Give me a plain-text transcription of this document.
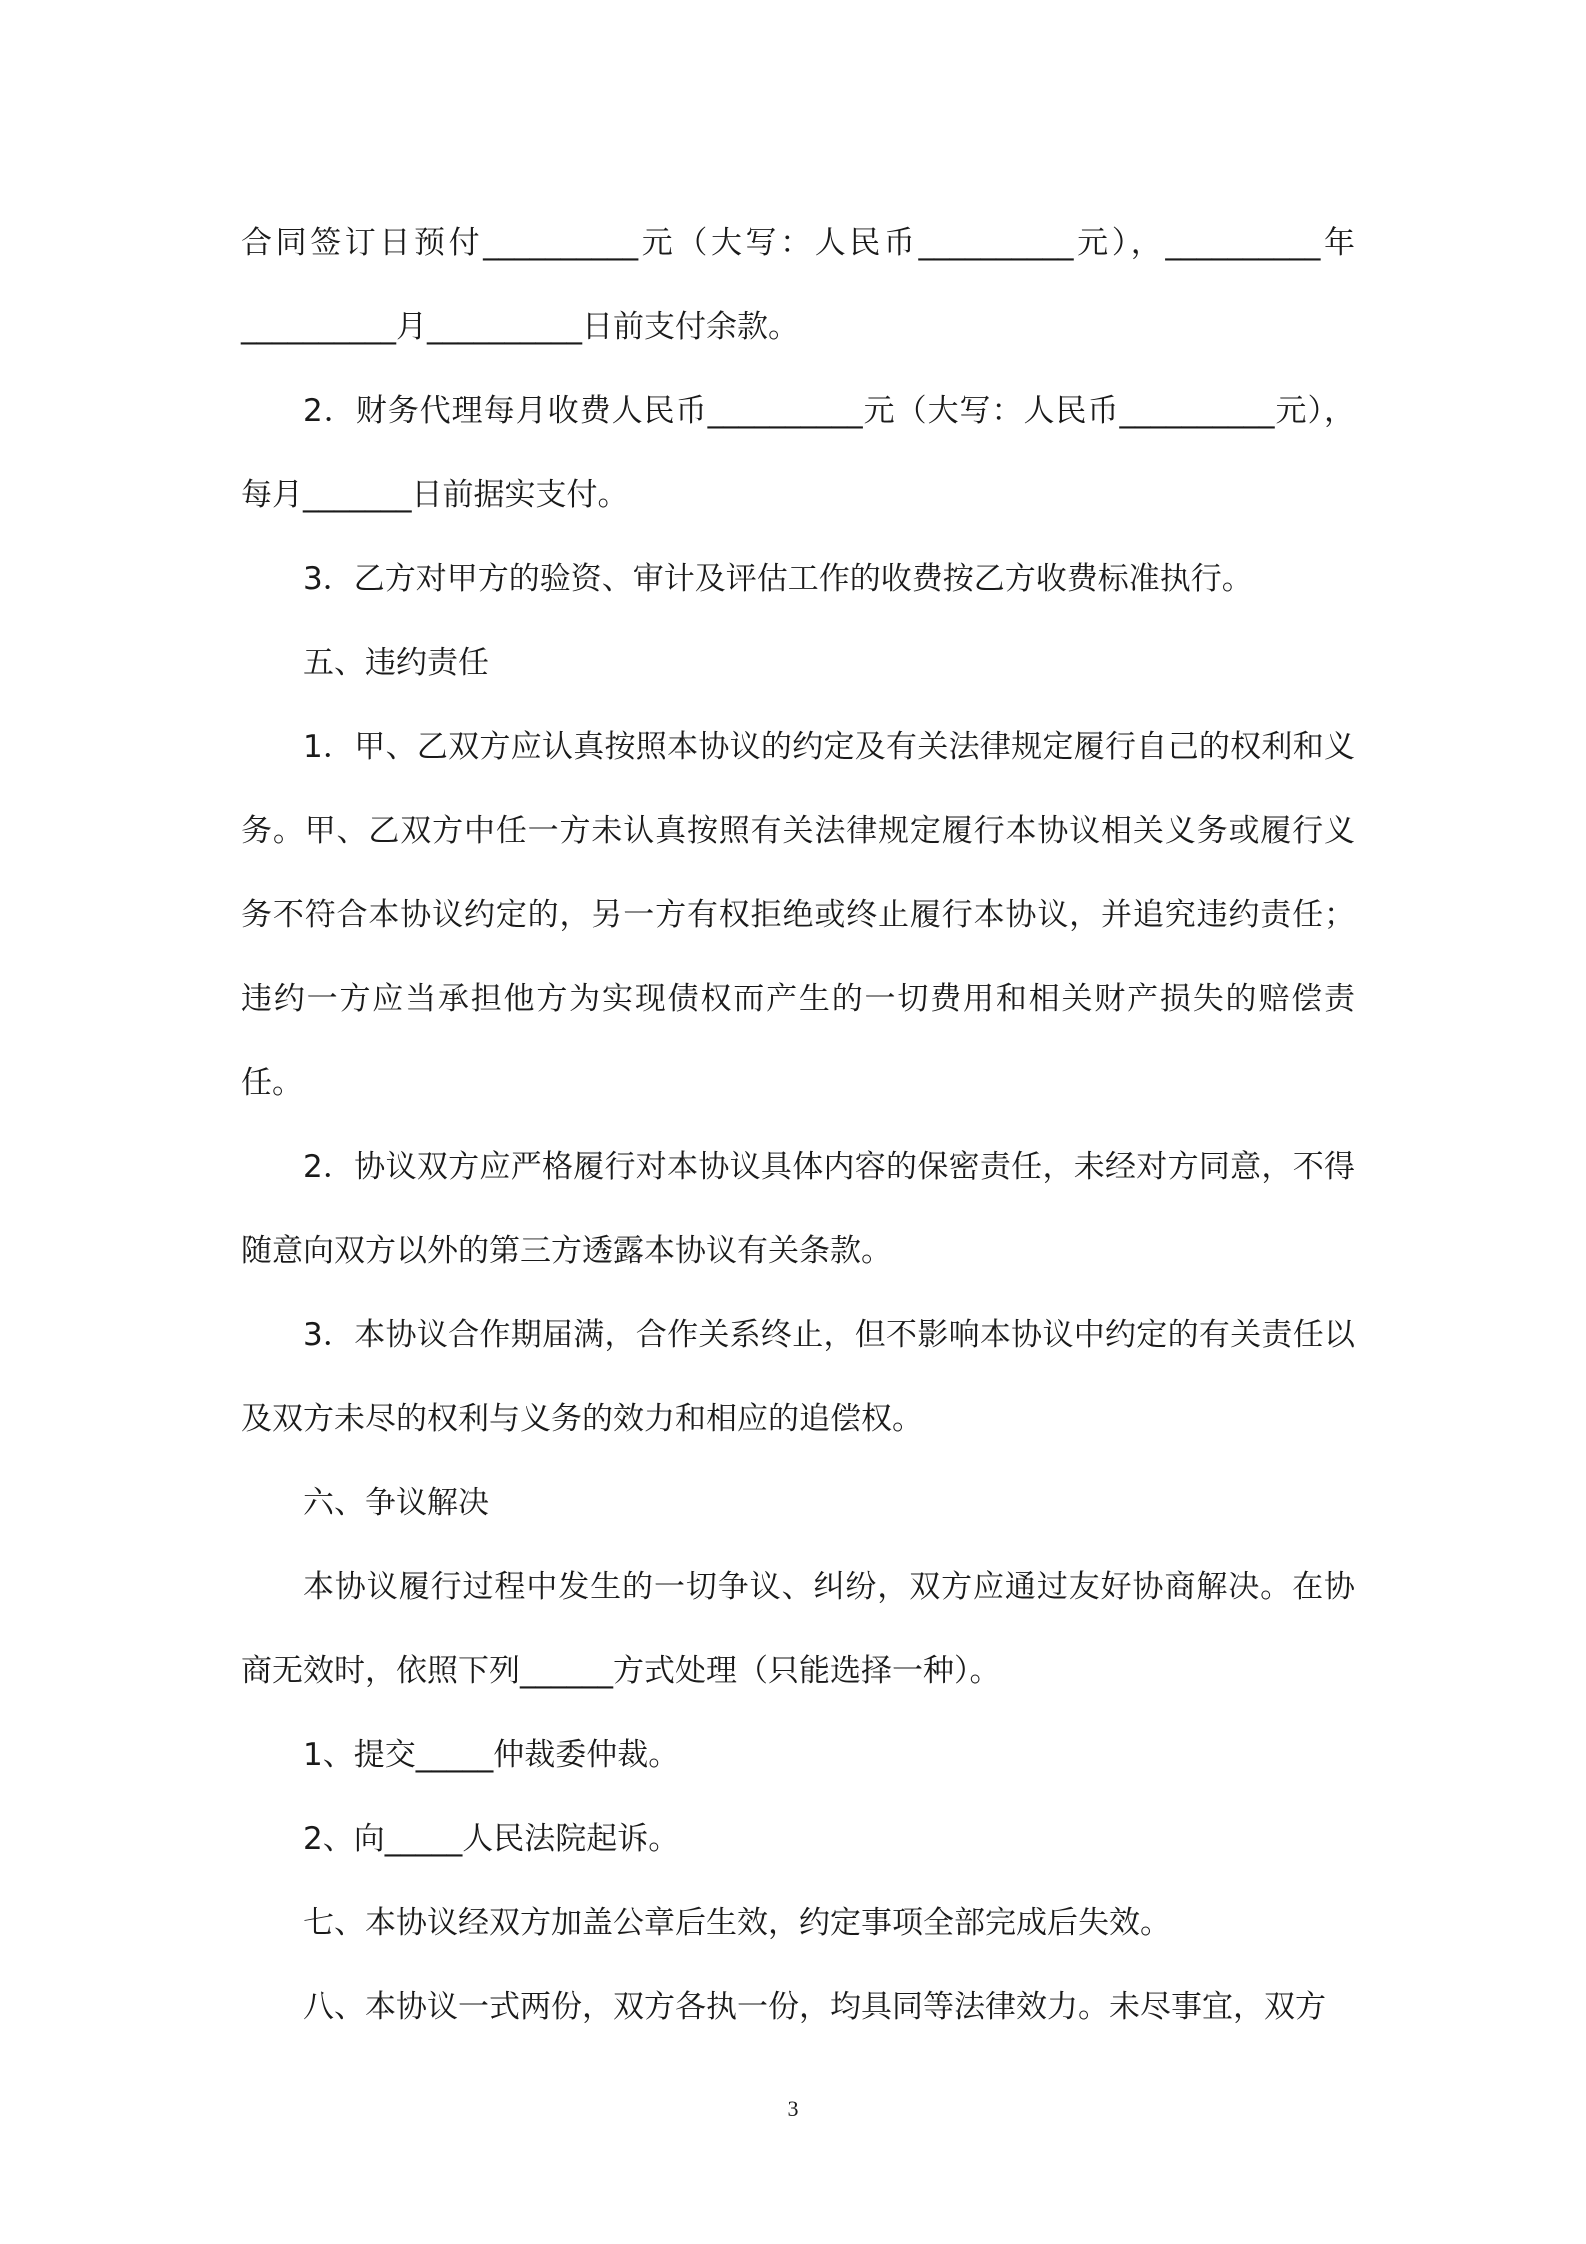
合同签订日预付__________元（大写：人民币__________元），__________年__________月__________日前支付余款。

2．财务代理每月收费人民币__________元（大写：人民币__________元），每月_______日前据实支付。

3．乙方对甲方的验资、审计及评估工作的收费按乙方收费标准执行。

五、违约责任

1．甲、乙双方应认真按照本协议的约定及有关法律规定履行自己的权利和义务。甲、乙双方中任一方未认真按照有关法律规定履行本协议相关义务或履行义务不符合本协议约定的，另一方有权拒绝或终止履行本协议，并追究违约责任；违约一方应当承担他方为实现债权而产生的一切费用和相关财产损失的赔偿责任。

2．协议双方应严格履行对本协议具体内容的保密责任，未经对方同意，不得随意向双方以外的第三方透露本协议有关条款。

3．本协议合作期届满，合作关系终止，但不影响本协议中约定的有关责任以及双方未尽的权利与义务的效力和相应的追偿权。

六、争议解决

本协议履行过程中发生的一切争议、纠纷，双方应通过友好协商解决。在协商无效时，依照下列______方式处理（只能选择一种）。

1、提交_____仲裁委仲裁。

2、向_____人民法院起诉。

七、本协议经双方加盖公章后生效，约定事项全部完成后失效。

八、本协议一式两份，双方各执一份，均具同等法律效力。未尽事宜，双方

3
